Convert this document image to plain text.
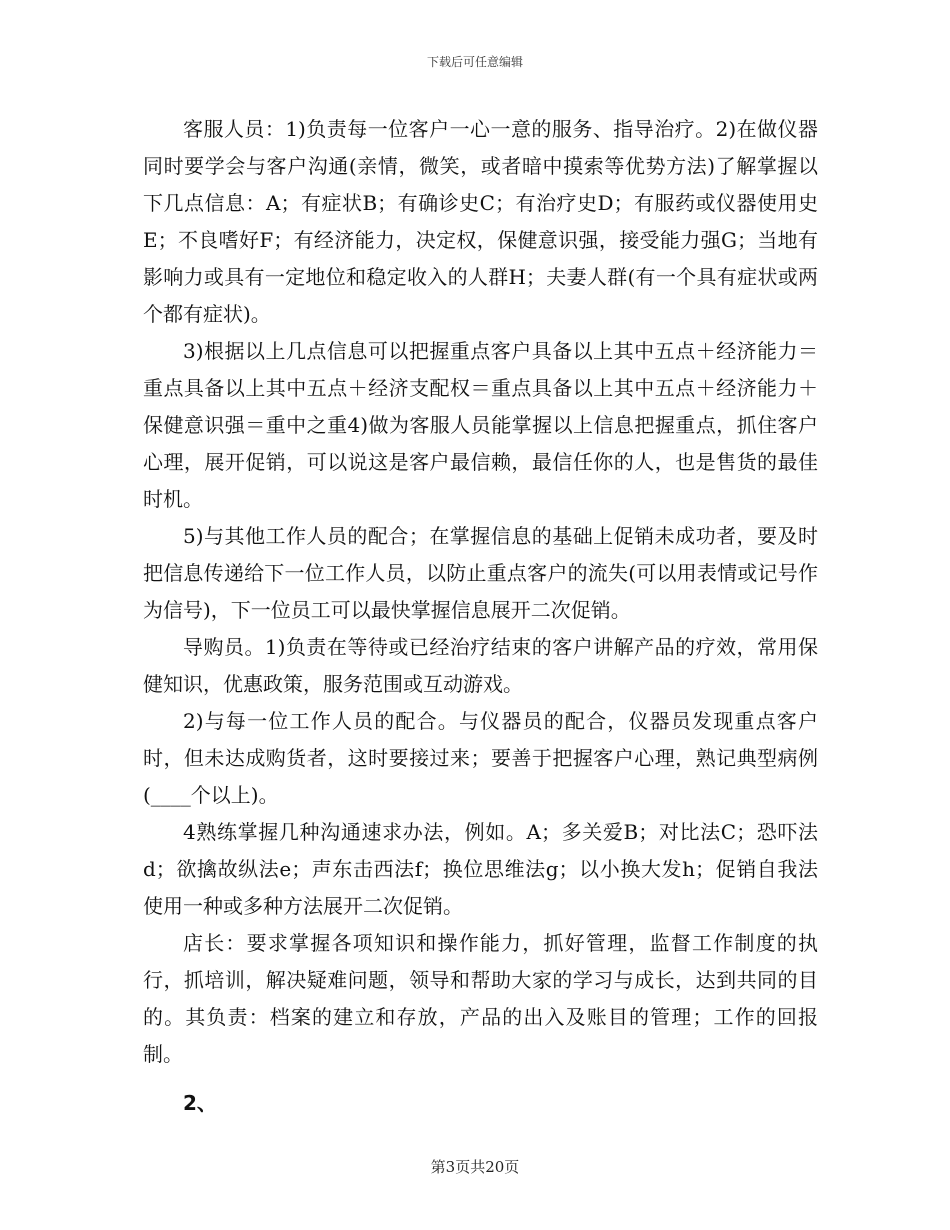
下载后可任意编辑

客服人员：1)负责每一位客户一心一意的服务、指导治疗。2)在做仪器同时要学会与客户沟通(亲情，微笑，或者暗中摸索等优势方法)了解掌握以下几点信息：A；有症状B；有确诊史C；有治疗史D；有服药或仪器使用史E；不良嗜好F；有经济能力，决定权，保健意识强，接受能力强G；当地有影响力或具有一定地位和稳定收入的人群H；夫妻人群(有一个具有症状或两个都有症状)。

3)根据以上几点信息可以把握重点客户具备以上其中五点＋经济能力＝重点具备以上其中五点＋经济支配权＝重点具备以上其中五点＋经济能力＋保健意识强＝重中之重4)做为客服人员能掌握以上信息把握重点，抓住客户心理，展开促销，可以说这是客户最信赖，最信任你的人，也是售货的最佳时机。

5)与其他工作人员的配合；在掌握信息的基础上促销未成功者，要及时把信息传递给下一位工作人员，以防止重点客户的流失(可以用表情或记号作为信号)，下一位员工可以最快掌握信息展开二次促销。

导购员。1)负责在等待或已经治疗结束的客户讲解产品的疗效，常用保健知识，优惠政策，服务范围或互动游戏。

2)与每一位工作人员的配合。与仪器员的配合，仪器员发现重点客户时，但未达成购货者，这时要接过来；要善于把握客户心理，熟记典型病例(____个以上)。

4熟练掌握几种沟通速求办法，例如。A；多关爱B；对比法C；恐吓法d；欲擒故纵法e；声东击西法f；换位思维法g；以小换大发h；促销自我法使用一种或多种方法展开二次促销。

店长：要求掌握各项知识和操作能力，抓好管理，监督工作制度的执行，抓培训，解决疑难问题，领导和帮助大家的学习与成长，达到共同的目的。其负责：档案的建立和存放，产品的出入及账目的管理；工作的回报制。

2、

第3页共20页
